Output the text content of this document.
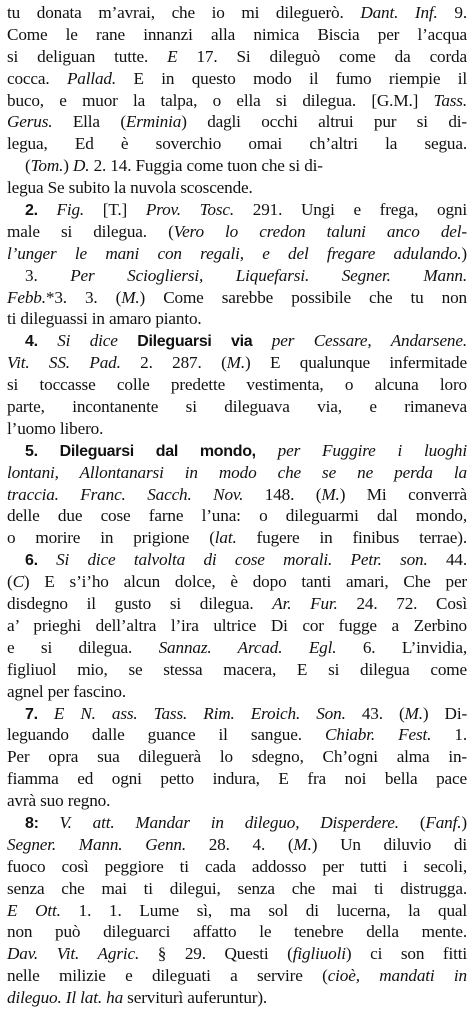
tu donata m’avrai, che io mi dileguerò. Dant. Inf. 9.
Come le rane innanzi alla nimica Biscia per l’acqua
si deliguan tutte. E 17. Si dileguò come da corda
cocca. Pallad. E in questo modo il fumo riempie il
buco, e muor la talpa, o ella si dilegua. [G.M.] Tass.
Gerus. Ella (Erminia) dagli occhi altrui pur si di-
legua, Ed è soverchio omai ch’altri la segua.
(Tom.) D. 2. 14. Fuggia come tuon che si di-
legua Se subito la nuvola scoscende.
2. Fig. [T.] Prov. Tosc. 291. Ungi e frega, ogni
male si dilegua. (Vero lo credon taluni anco del-
l’unger le mani con regali, e del fregare adulando.)
3. Per Sciogliersi, Liquefarsi. Segner. Mann.
Febb.*3. 3. (M.) Come sarebbe possibile che tu non
ti dileguassi in amaro pianto.
4. Si dice Dileguarsi via per Cessare, Andarsene.
Vit. SS. Pad. 2. 287. (M.) E qualunque infermitade
si toccasse colle predette vestimenta, o alcuna loro
parte, incontanente si dileguava via, e rimaneva
l’uomo libero.
5. Dileguarsi dal mondo, per Fuggire i luoghi
lontani, Allontanarsi in modo che se ne perda la
traccia. Franc. Sacch. Nov. 148. (M.) Mi converrà
delle due cose farne l’una: o dileguarmi dal mondo,
o morire in prigione (lat. fugere in finibus terrae).
6. Si dice talvolta di cose morali. Petr. son. 44.
(C) E s’i’ho alcun dolce, è dopo tanti amari, Che per
disdegno il gusto si dilegua. Ar. Fur. 24. 72. Così
a’ prieghi dell’altra l’ira ultrice Di cor fugge a Zerbino
e si dilegua. Sannaz. Arcad. Egl. 6. L’invidia,
figliuol mio, se stessa macera, E si dilegua come
agnel per fascino.
7. E N. ass. Tass. Rim. Eroich. Son. 43. (M.) Di-
leguando dalle guance il sangue. Chiabr. Fest. 1.
Per opra sua dileguerà lo sdegno, Ch’ogni alma in-
fiamma ed ogni petto indura, E fra noi bella pace
avrà suo regno.
8: V. att. Mandar in dileguo, Disperdere. (Fanf.)
Segner. Mann. Genn. 28. 4. (M.) Un diluvio di
fuoco così peggiore ti cada addosso per tutti i secoli,
senza che mai ti dilegui, senza che mai ti distrugga.
E Ott. 1. 1. Lume sì, ma sol di lucerna, la qual
non può dileguarci affatto le tenebre della mente.
Dav. Vit. Agric. § 29. Questi (figliuoli) ci son fitti
nelle milizie e dileguati a servire (cioè, mandati in
dileguo. Il lat. ha serviturì auferuntur).
